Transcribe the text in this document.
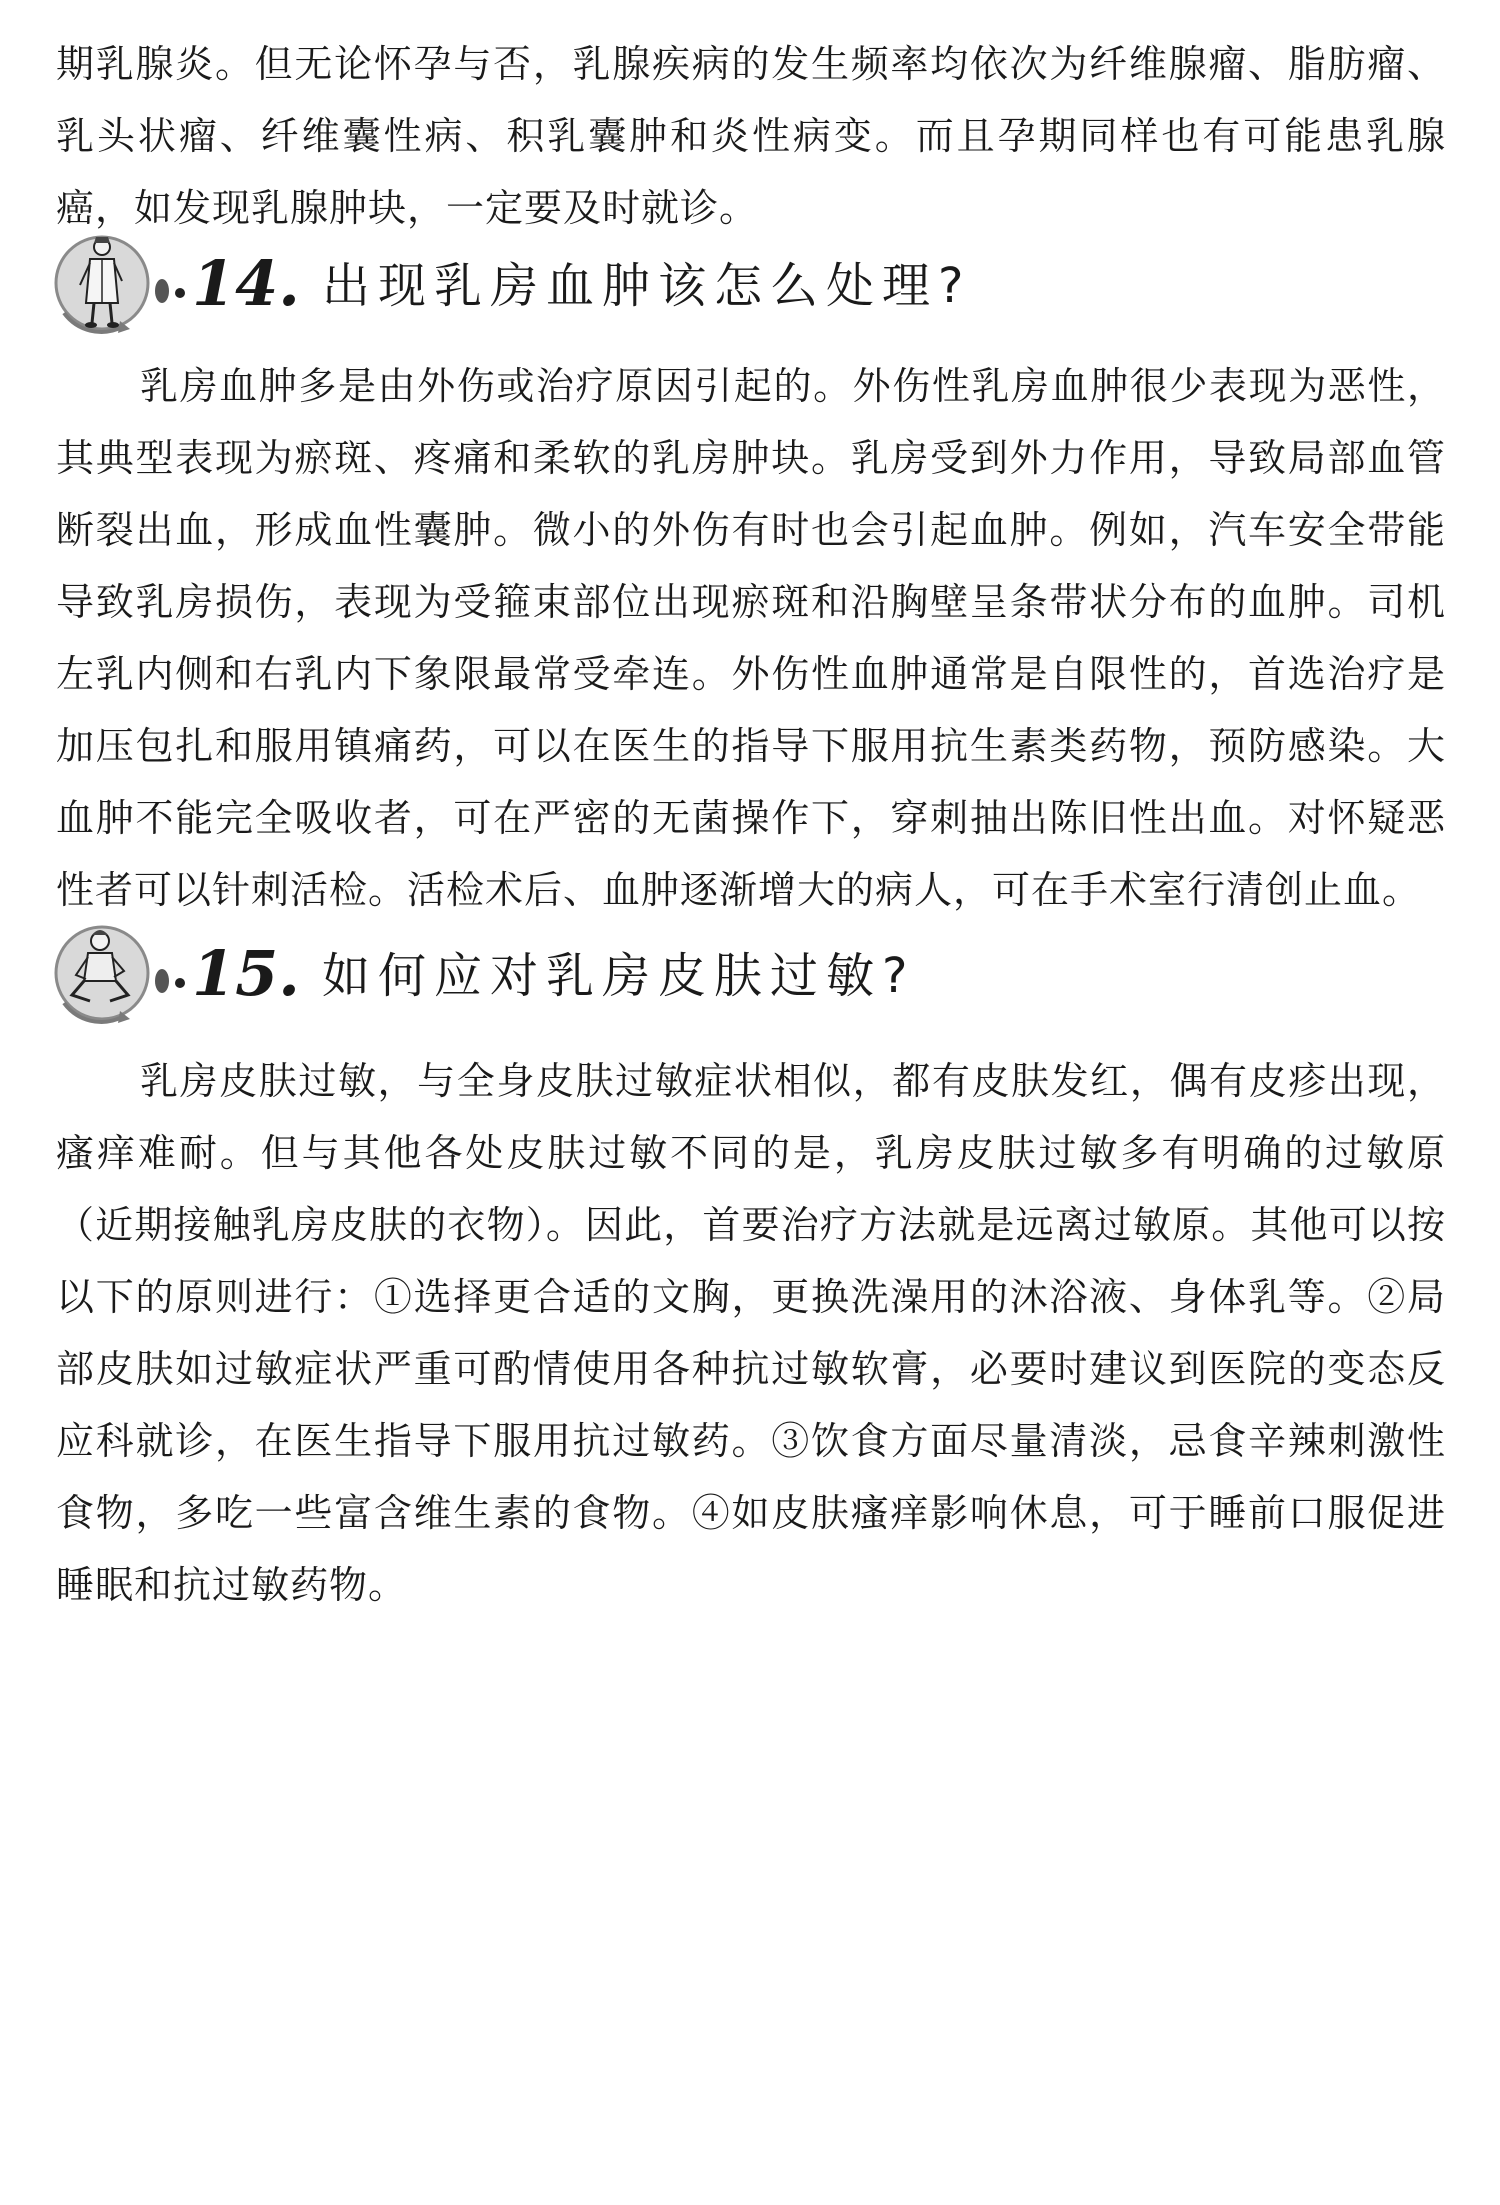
期乳腺炎。但无论怀孕与否，乳腺疾病的发生频率均依次为纤维腺瘤、脂肪瘤、乳头状瘤、纤维囊性病、积乳囊肿和炎性病变。而且孕期同样也有可能患乳腺癌，如发现乳腺肿块，一定要及时就诊。
14. 出现乳房血肿该怎么处理?
乳房血肿多是由外伤或治疗原因引起的。外伤性乳房血肿很少表现为恶性，其典型表现为瘀斑、疼痛和柔软的乳房肿块。乳房受到外力作用，导致局部血管断裂出血，形成血性囊肿。微小的外伤有时也会引起血肿。例如，汽车安全带能导致乳房损伤，表现为受箍束部位出现瘀斑和沿胸壁呈条带状分布的血肿。司机左乳内侧和右乳内下象限最常受牵连。外伤性血肿通常是自限性的，首选治疗是加压包扎和服用镇痛药，可以在医生的指导下服用抗生素类药物，预防感染。大血肿不能完全吸收者，可在严密的无菌操作下，穿刺抽出陈旧性出血。对怀疑恶性者可以针刺活检。活检术后、血肿逐渐增大的病人，可在手术室行清创止血。
15. 如何应对乳房皮肤过敏?
乳房皮肤过敏，与全身皮肤过敏症状相似，都有皮肤发红，偶有皮疹出现，瘙痒难耐。但与其他各处皮肤过敏不同的是，乳房皮肤过敏多有明确的过敏原（近期接触乳房皮肤的衣物）。因此，首要治疗方法就是远离过敏原。其他可以按以下的原则进行：①选择更合适的文胸，更换洗澡用的沐浴液、身体乳等。②局部皮肤如过敏症状严重可酌情使用各种抗过敏软膏，必要时建议到医院的变态反应科就诊，在医生指导下服用抗过敏药。③饮食方面尽量清淡，忌食辛辣刺激性食物，多吃一些富含维生素的食物。④如皮肤瘙痒影响休息，可于睡前口服促进睡眠和抗过敏药物。
